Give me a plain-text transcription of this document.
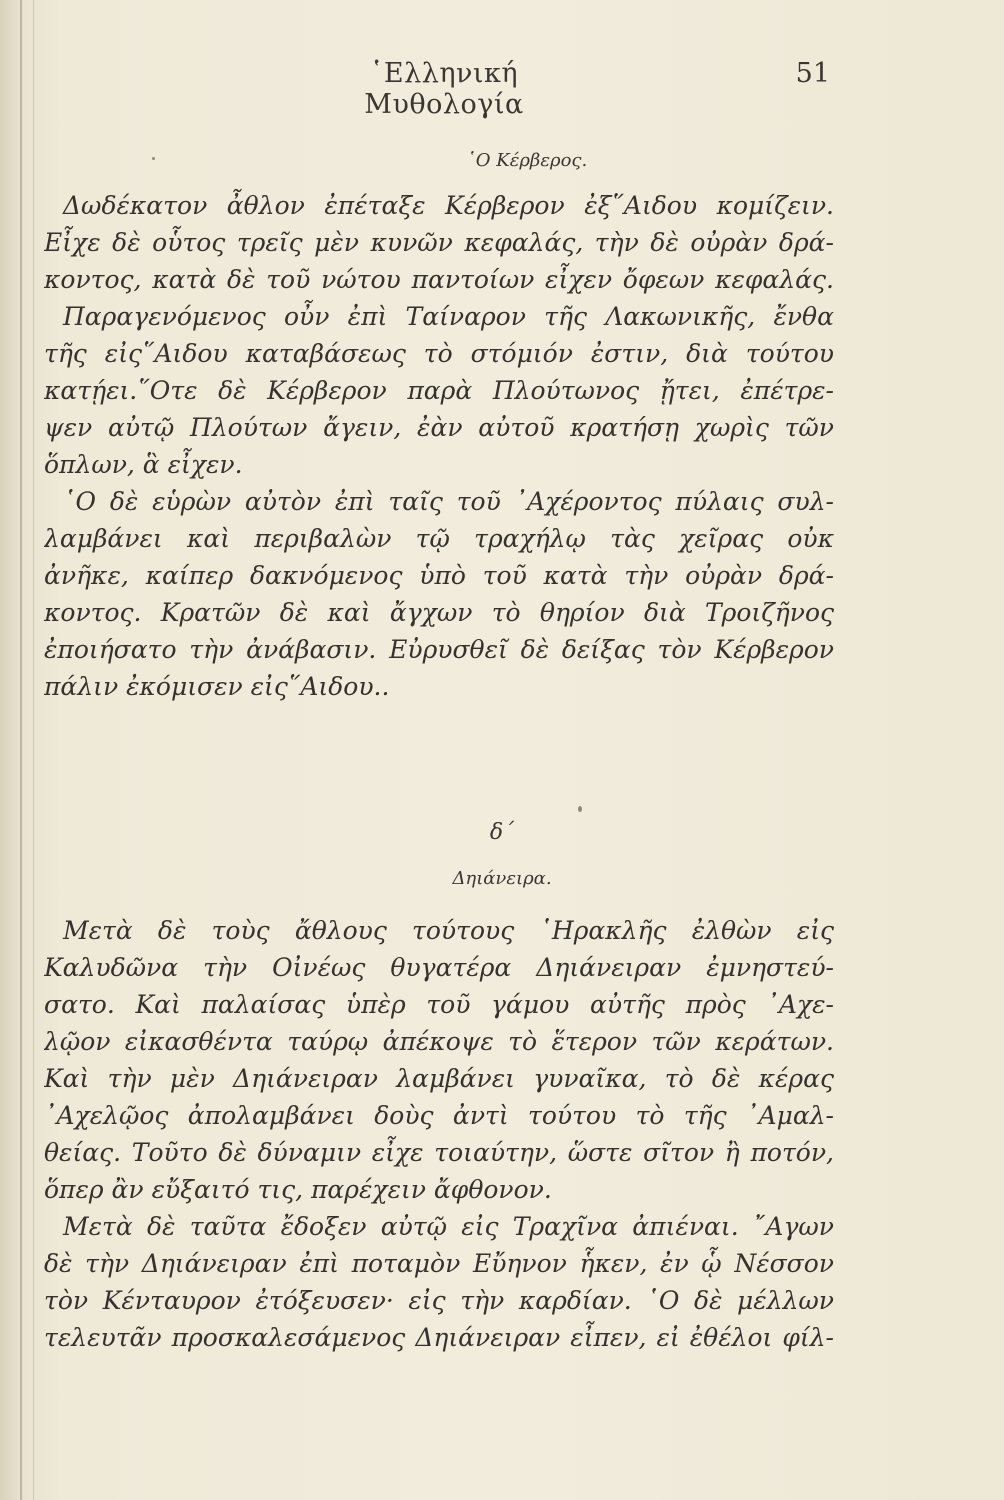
῾Ελληνική Μυθολογία
51
῾Ο Κέρβερος.
Δωδέκατον ἆθλον ἐπέταξε Κέρβερον ἐξ῞Αιδου κομίζειν.
Εἶχε δὲ οὗτος τρεῖς μὲν κυνῶν κεφαλάς, τὴν δὲ οὐρὰν δρά-
κοντος, κατὰ δὲ τοῦ νώτου παντοίων εἶχεν ὄφεων κεφαλάς.
Παραγενόμενος οὖν ἐπὶ Ταίναρον τῆς Λακωνικῆς, ἔνθα
τῆς εἰς῞Αιδου καταβάσεως τὸ στόμιόν ἐστιν, διὰ τούτου
κατῄει.῞Οτε δὲ Κέρβερον παρὰ Πλούτωνος ᾔτει, ἐπέτρε-
ψεν αὐτῷ Πλούτων ἄγειν, ἐὰν αὐτοῦ κρατήσῃ χωρὶς τῶν
ὅπλων, ἃ εἶχεν.
῾Ο δὲ εὑρὼν αὐτὸν ἐπὶ ταῖς τοῦ ᾿Αχέροντος πύλαις συλ-
λαμβάνει καὶ περιβαλὼν τῷ τραχήλῳ τὰς χεῖρας οὐκ
ἀνῆκε, καίπερ δακνόμενος ὑπὸ τοῦ κατὰ τὴν οὐρὰν δρά-
κοντος. Κρατῶν δὲ καὶ ἄγχων τὸ θηρίον διὰ Τροιζῆνος
ἐποιήσατο τὴν ἀνάβασιν. Εὐρυσθεῖ δὲ δείξας τὸν Κέρβερον
πάλιν ἐκόμισεν εἰς῞Αιδου..
δ´
Δηιάνειρα.
Μετὰ δὲ τοὺς ἄθλους τούτους ῾Ηρακλῆς ἐλθὼν εἰς
Καλυδῶνα τὴν Οἰνέως θυγατέρα Δηιάνειραν ἐμνηστεύ-
σατο. Καὶ παλαίσας ὑπὲρ τοῦ γάμου αὐτῆς πρὸς ᾿Αχε-
λῷον εἰκασθέντα ταύρῳ ἀπέκοψε τὸ ἕτερον τῶν κεράτων.
Καὶ τὴν μὲν Δηιάνειραν λαμβάνει γυναῖκα, τὸ δὲ κέρας
᾿Αχελῷος ἀπολαμβάνει δοὺς ἀντὶ τούτου τὸ τῆς ᾿Αμαλ-
θείας. Τοῦτο δὲ δύναμιν εἶχε τοιαύτην, ὥστε σῖτον ἢ ποτόν,
ὅπερ ἂν εὔξαιτό τις, παρέχειν ἄφθονον.
Μετὰ δὲ ταῦτα ἔδοξεν αὐτῷ εἰς Τραχῖνα ἀπιέναι. ῎Αγων
δὲ τὴν Δηιάνειραν ἐπὶ ποταμὸν Εὔηνον ἧκεν, ἐν ᾧ Νέσσον
τὸν Κένταυρον ἐτόξευσεν· εἰς τὴν καρδίαν. ῾Ο δὲ μέλλων
τελευτᾶν προσκαλεσάμενος Δηιάνειραν εἶπεν, εἰ ἐθέλοι φίλ-
